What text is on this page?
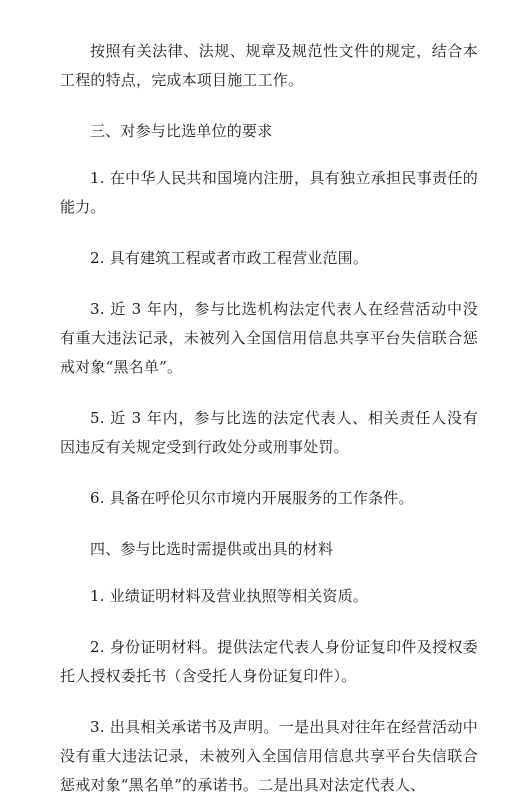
按照有关法律、法规、规章及规范性文件的规定，结合本工程的特点，完成本项目施工工作。

三、对参与比选单位的要求

1. 在中华人民共和国境内注册，具有独立承担民事责任的能力。

2. 具有建筑工程或者市政工程营业范围。

3. 近 3 年内，参与比选机构法定代表人在经营活动中没有重大违法记录，未被列入全国信用信息共享平台失信联合惩戒对象“黑名单”。

5. 近 3 年内，参与比选的法定代表人、相关责任人没有因违反有关规定受到行政处分或刑事处罚。

6. 具备在呼伦贝尔市境内开展服务的工作条件。

四、参与比选时需提供或出具的材料

1. 业绩证明材料及营业执照等相关资质。

2. 身份证明材料。提供法定代表人身份证复印件及授权委托人授权委托书（含受托人身份证复印件）。

3. 出具相关承诺书及声明。一是出具对往年在经营活动中没有重大违法记录，未被列入全国信用信息共享平台失信联合惩戒对象“黑名单”的承诺书。二是出具对法定代表人、
